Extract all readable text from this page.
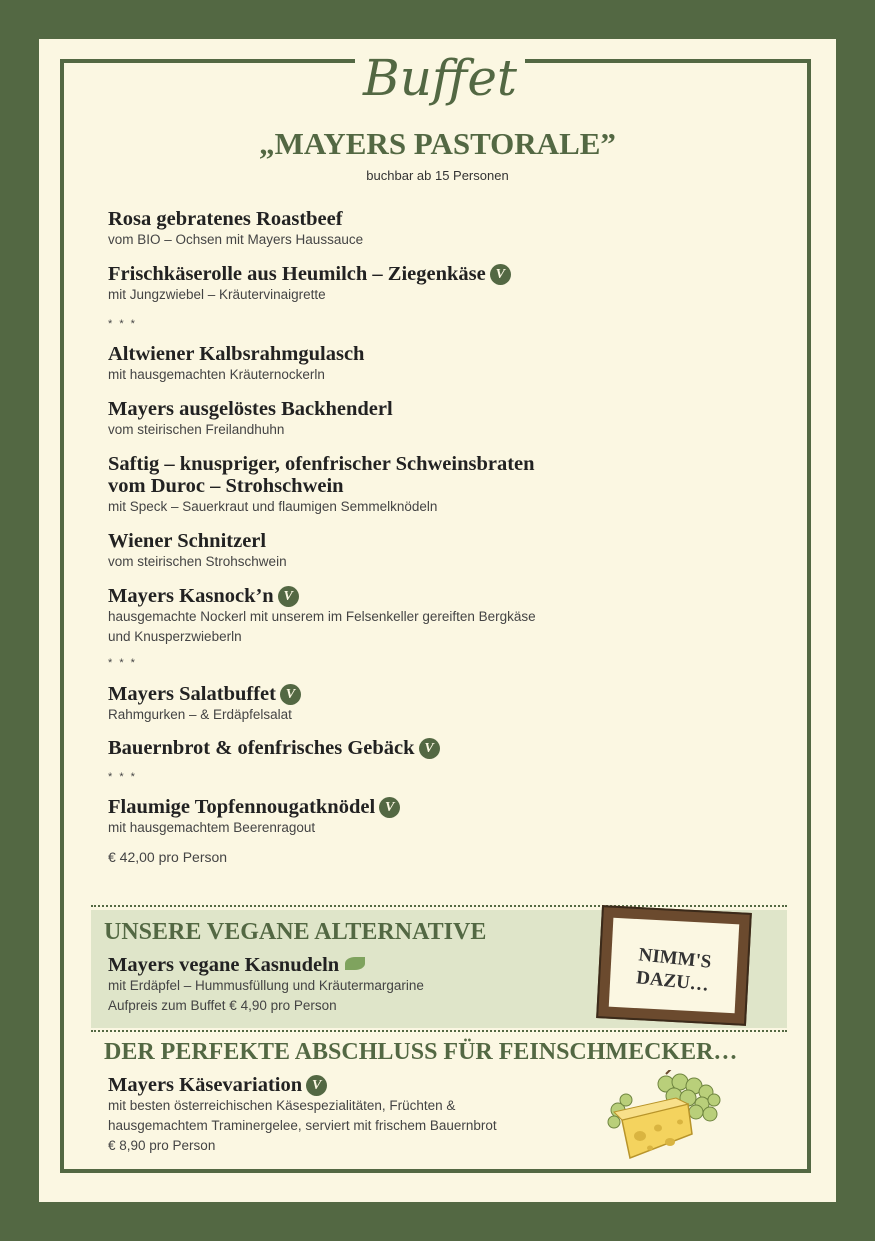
Buffet
„MAYERS PASTORALE”
buchbar ab 15 Personen
Rosa gebratenes Roastbeef
vom BIO – Ochsen mit Mayers Haussauce
Frischkäserolle aus Heumilch – Ziegenkäse V
mit Jungzwiebel – Kräutervinaigrette
* * *
Altwiener Kalbsrahmgulasch
mit hausgemachten Kräuternockerln
Mayers ausgelöstes Backhenderl
vom steirischen Freilandhuhn
Saftig – knuspriger, ofenfrischer Schweinsbraten
vom Duroc – Strohschwein
mit Speck – Sauerkraut und flaumigen Semmelknödeln
Wiener Schnitzerl
vom steirischen Strohschwein
Mayers Kasnock’n V
hausgemachte Nockerl mit unserem im Felsenkeller gereiften Bergkäse
und Knusperzwieberln
* * *
Mayers Salatbuffet V
Rahmgurken – & Erdäpfelsalat
Bauernbrot & ofenfrisches Gebäck V
* * *
Flaumige Topfennougatknödel V
mit hausgemachtem Beerenragout
€ 42,00 pro Person
UNSERE VEGANE ALTERNATIVE
Mayers vegane Kasnudeln
mit Erdäpfel – Hummusfüllung und Kräutermargarine
Aufpreis zum Buffet € 4,90 pro Person
NIMM'S
DAZU…
DER PERFEKTE ABSCHLUSS FÜR FEINSCHMECKER…
Mayers Käsevariation V
mit besten österreichischen Käsespezialitäten, Früchten &
hausgemachtem Traminergelee, serviert mit frischem Bauernbrot
€ 8,90 pro Person
